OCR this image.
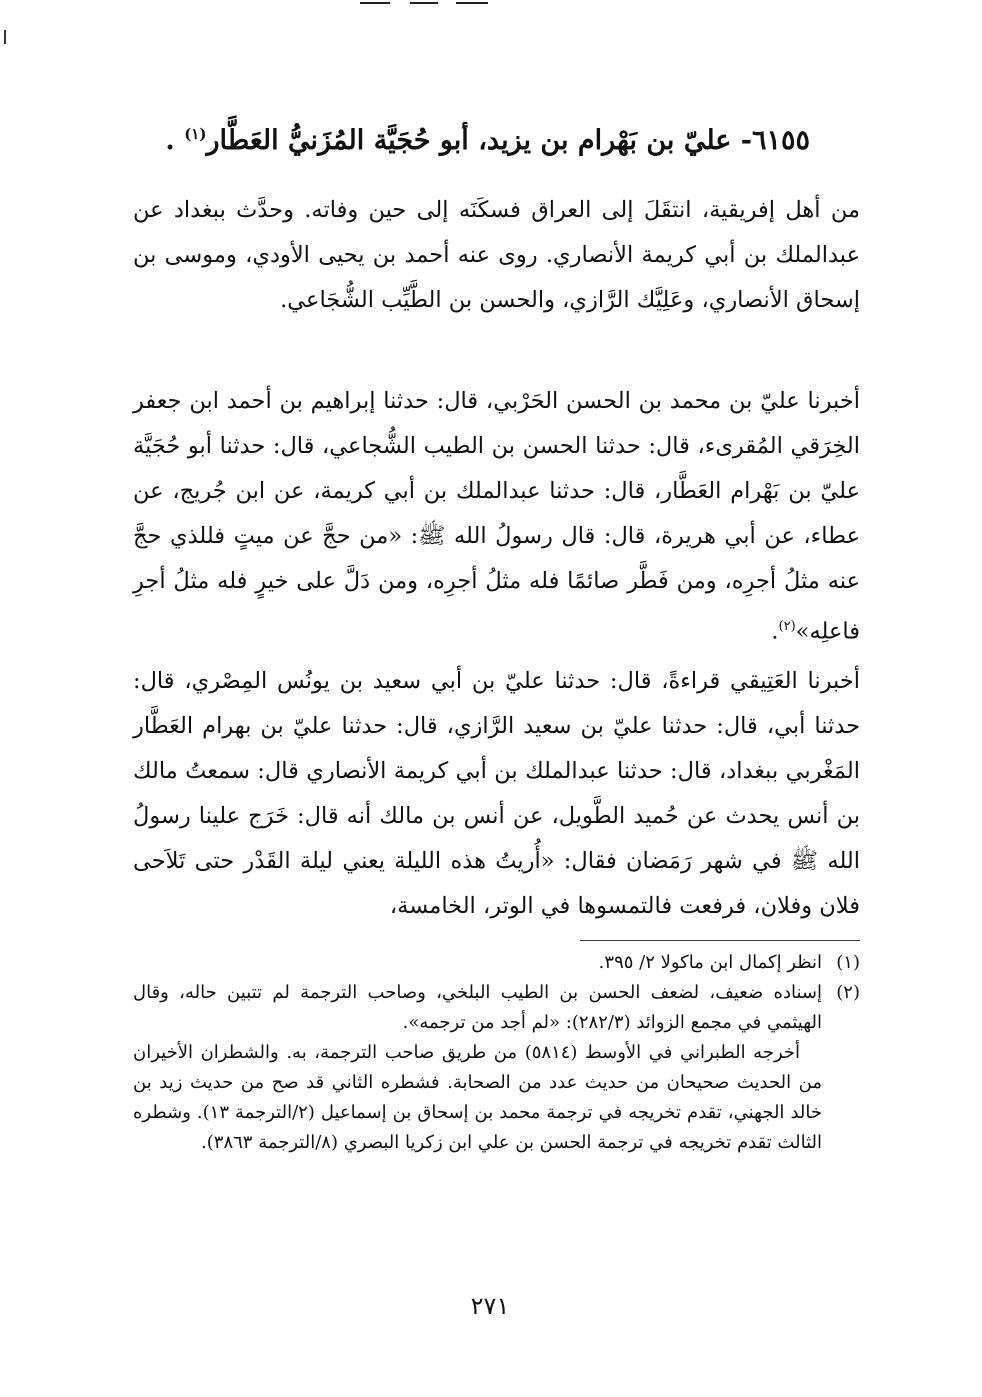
٦١٥٥- عليّ بن بَهْرام بن يزيد، أبو حُجَيَّة المُزَنيُّ العَطَّار$^{(١)}$ .
من أهل إفريقية، انتقَلَ إلى العراق فسكَنَه إلى حين وفاته. وحدَّث ببغداد عن عبدالملك بن أبي كريمة الأنصاري. روى عنه أحمد بن يحيى الأودي، وموسى بن إسحاق الأنصاري، وعَلِيَّك الرَّازي، والحسن بن الطَّيِّب الشُّجَاعي.
أخبرنا عليّ بن محمد بن الحسن الحَرْبي، قال: حدثنا إبراهيم بن أحمد ابن جعفر الخِرَقي المُقرىء، قال: حدثنا الحسن بن الطيب الشُّجاعي، قال: حدثنا أبو حُجَيَّة عليّ بن بَهْرام العَطَّار، قال: حدثنا عبدالملك بن أبي كريمة، عن ابن جُريج، عن عطاء، عن أبي هريرة، قال: قال رسولُ الله ﷺ: «من حجَّ عن ميتٍ فللذي حجَّ عنه مثلُ أجرِه، ومن فَطَّر صائمًا فله مثلُ أجرِه، ومن دَلَّ على خيرٍ فله مثلُ أجرِ فاعلِه»$^{(٢)}$.
أخبرنا العَتِيقي قراءةً، قال: حدثنا عليّ بن أبي سعيد بن يونُس المِصْري، قال: حدثنا أبي، قال: حدثنا عليّ بن سعيد الرَّازي، قال: حدثنا عليّ بن بهرام العَطَّار المَغْربي ببغداد، قال: حدثنا عبدالملك بن أبي كريمة الأنصاري قال: سمعتُ مالك بن أنس يحدث عن حُميد الطَّويل، عن أنس بن مالك أنه قال: خَرَج علينا رسولُ الله ﷺ في شهر رَمَضان فقال: «أُريتُ هذه الليلة يعني ليلة القَدْر حتى تَلاَحى فلان وفلان، فرفعت فالتمسوها في الوتر، الخامسة،
(١)
انظر إكمال ابن ماكولا ٢/ ٣٩٥.
(٢)
إسناده ضعيف، لضعف الحسن بن الطيب البلخي، وصاحب الترجمة لم تتبين حاله، وقال الهيثمي في مجمع الزوائد (٢٨٢/٣): «لم أجد من ترجمه».
أخرجه الطبراني في الأوسط (٥٨١٤) من طريق صاحب الترجمة، به. والشطران الأخيران من الحديث صحيحان من حديث عدد من الصحابة. فشطره الثاني قد صح من حديث زيد بن خالد الجهني، تقدم تخريجه في ترجمة محمد بن إسحاق بن إسماعيل (٢/الترجمة ١٣). وشطره الثالث تقدم تخريجه في ترجمة الحسن بن علي ابن زكريا البصري (٨/الترجمة ٣٨٦٣).
٢٧١
